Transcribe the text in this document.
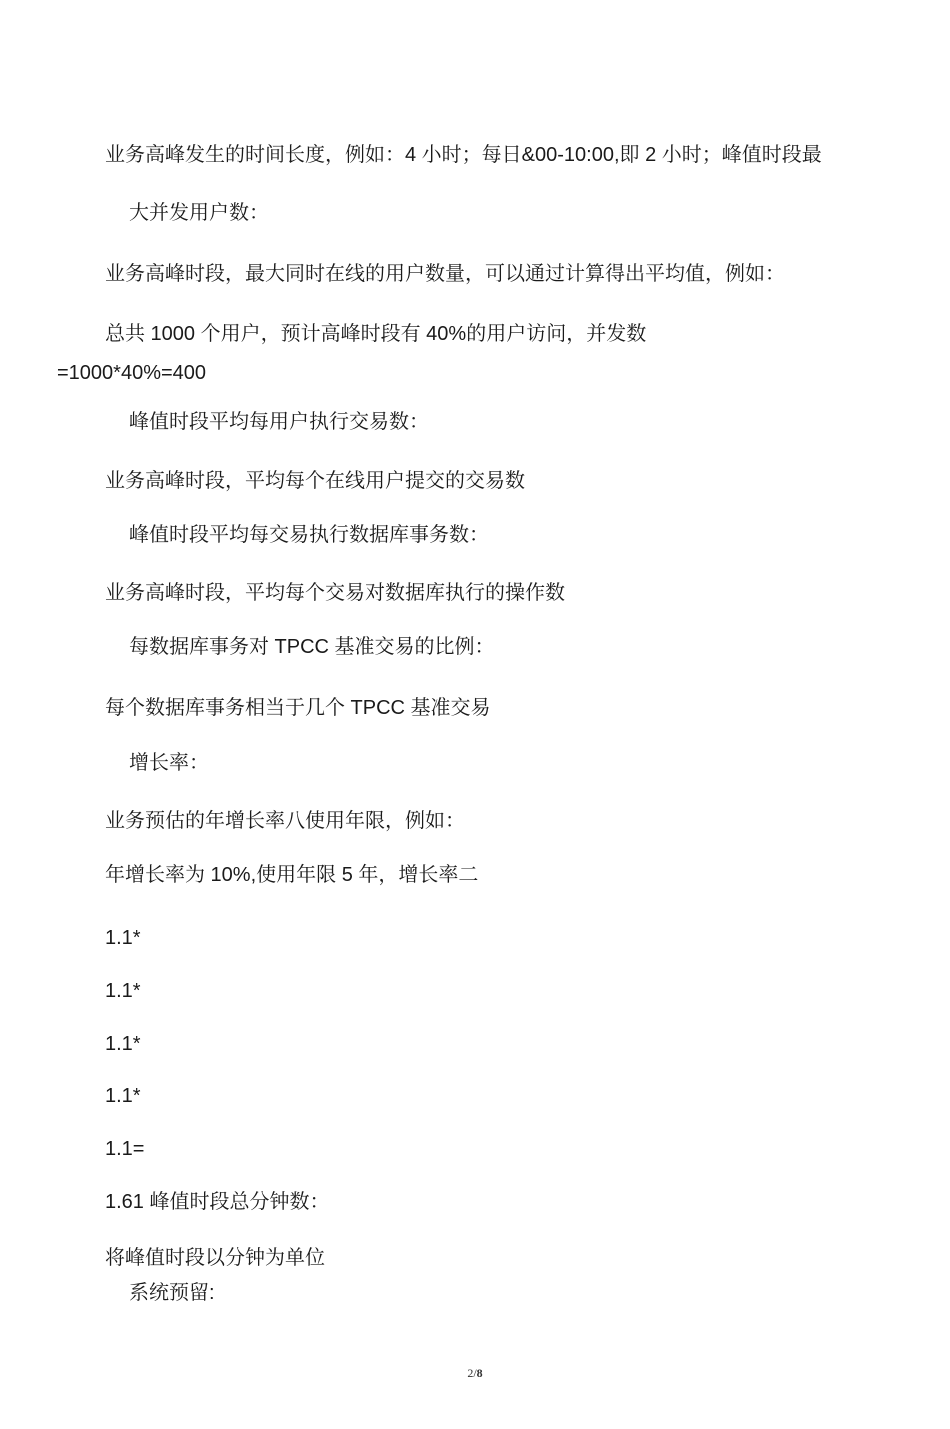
业务高峰发生的时间长度，例如：4 小时；每日&00-10:00,即 2 小时；峰值时段最
大并发用户数：
业务高峰时段，最大同时在线的用户数量，可以通过计算得出平均值，例如：
总共 1000 个用户，预计高峰时段有 40%的用户访问，并发数
=1000*40%=400
峰值时段平均每用户执行交易数：
业务高峰时段，平均每个在线用户提交的交易数
峰值时段平均每交易执行数据库事务数：
业务高峰时段，平均每个交易对数据库执行的操作数
每数据库事务对 TPCC 基准交易的比例：
每个数据库事务相当于几个 TPCC 基准交易
增长率：
业务预估的年增长率八使用年限，例如：
年增长率为 10%,使用年限 5 年，增长率二
1.1*
1.1*
1.1*
1.1*
1.1=
1.61 峰值时段总分钟数：
将峰值时段以分钟为单位
系统预留:
2/8
